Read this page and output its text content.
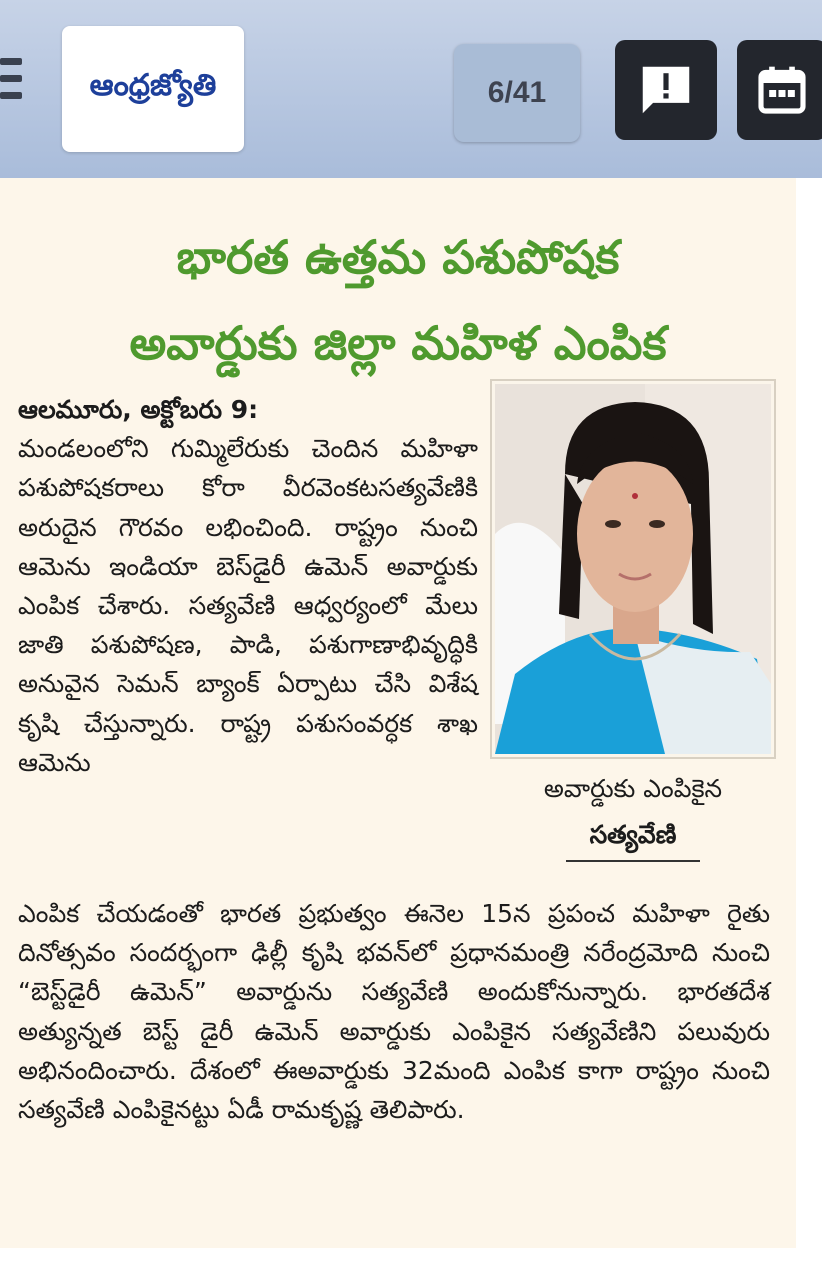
ఆంధ్రజ్యోతి	6/41
భారత ఉత్తమ పశుపోషక
అవార్డుకు జిల్లా మహిళ ఎంపిక
ఆలమూరు, అక్టోబరు 9:
మండలంలోని గుమ్మిలేరుకు చెందిన మహిళా పశుపోషకరాలు కోరా వీరవెంకటసత్యవేణికి అరుదైన గౌరవం లభించింది. రాష్ట్రం నుంచి ఆమెను ఇండియా బెస్‌డైరీ ఉమెన్ అవార్డుకు ఎంపిక చేశారు. సత్యవేణి ఆధ్వర్యంలో మేలు జాతి పశుపోషణ, పాడి, పశుగాణాభివృద్ధికి అనువైన సెమన్ బ్యాంక్ ఏర్పాటు చేసి విశేష కృషి చేస్తున్నారు. రాష్ట్ర పశుసంవర్ధక శాఖ ఆమెను
అవార్డుకు ఎంపికైన
సత్యవేణి
ఎంపిక చేయడంతో భారత ప్రభుత్వం ఈనెల 15న ప్రపంచ మహిళా రైతు దినోత్సవం సందర్భంగా ఢిల్లీ కృషి భవన్‌లో ప్రధానమంత్రి నరేంద్రమోది నుంచి “బెస్ట్‌డైరీ ఉమెన్” అవార్డును సత్యవేణి అందుకోనున్నారు. భారతదేశ అత్యున్నత బెస్ట్ డైరీ ఉమెన్ అవార్డుకు ఎంపికైన సత్యవేణిని పలువురు అభినందించారు. దేశంలో ఈఅవార్డుకు 32మంది ఎంపిక కాగా రాష్ట్రం నుంచి సత్యవేణి ఎంపికైనట్టు ఏడీ రామకృష్ణ తెలిపారు.
